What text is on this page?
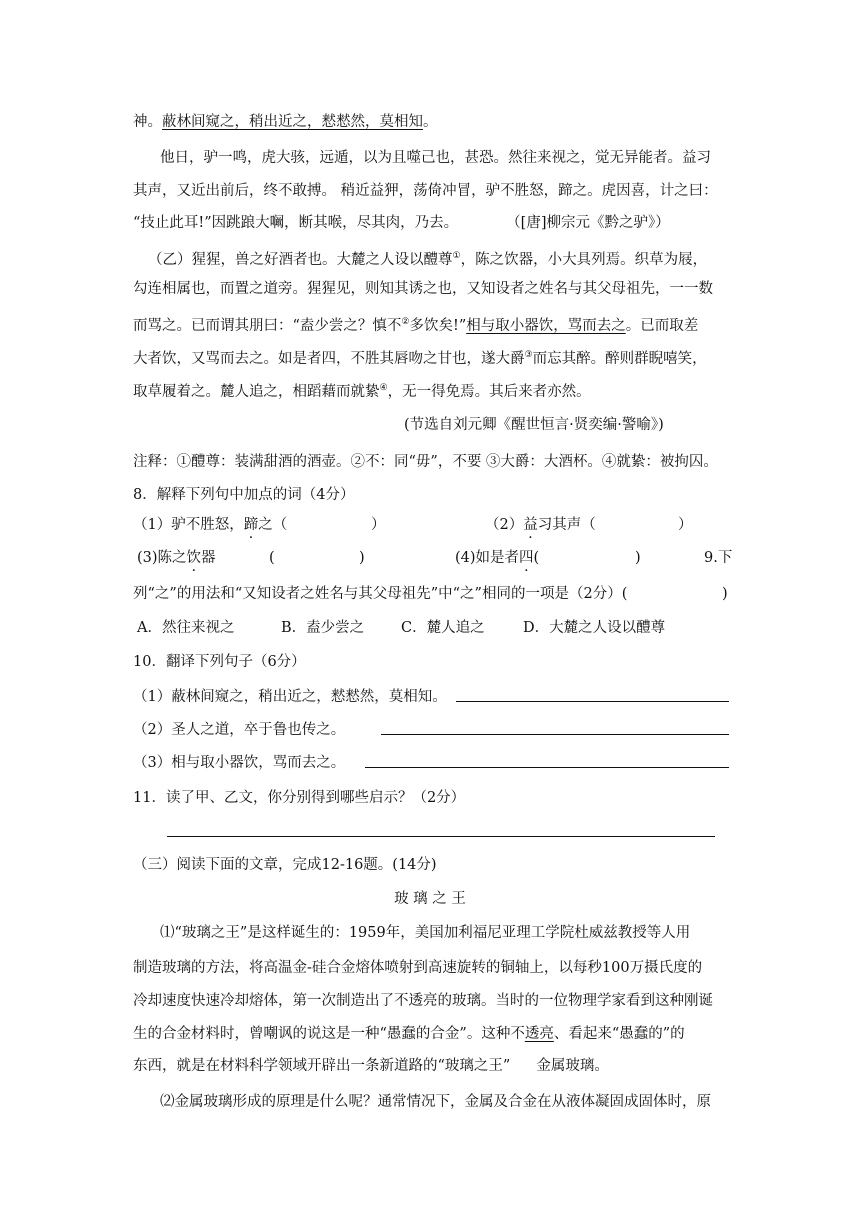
神。蔽林间窥之，稍出近之，慭慭然，莫相知。
他日，驴一鸣，虎大骇，远遁，以为且噬己也，甚恐。然往来视之，觉无异能者。益习
其声，又近出前后，终不敢搏。 稍近益狎，荡倚冲冒，驴不胜怒，蹄之。虎因喜，计之曰：
“技止此耳!”因跳踉大㘎，断其喉，尽其肉，乃去。	（[唐]柳宗元《黔之驴》）
（乙）猩猩，兽之好酒者也。大麓之人设以醴尊①，陈之饮器，小大具列焉。织草为屐，
勾连相属也，而置之道旁。猩猩见，则知其诱之也，又知设者之姓名与其父母祖先，一一数
而骂之。已而谓其朋曰：“盍少尝之？慎不②多饮矣!”相与取小器饮，骂而去之。已而取差
大者饮，又骂而去之。如是者四，不胜其唇吻之甘也，遂大爵③而忘其醉。醉则群睨嘻笑，
取草履着之。麓人追之，相蹈藉而就絷④，无一得免焉。其后来者亦然。
(节选自刘元卿《醒世恒言·贤奕编·警喻》)
注释：①醴尊：装满甜酒的酒壶。②不：同“毋”，不要 ③大爵：大酒杯。④就絷：被拘囚。
8．解释下列句中加点的词（4分）
（1）驴不胜怒，蹄之（	）	（2）益习其声（	）
(3)陈之饮器	(	)	(4)如是者四(	)	9.下
列“之”的用法和“又知设者之姓名与其父母祖先”中“之”相同的一项是（2分）(	)
A．然往来视之	B．盍少尝之	C．麓人追之	D．大麓之人设以醴尊
10．翻译下列句子（6分）
（1）蔽林间窥之，稍出近之，慭慭然，莫相知。
（2）圣人之道，卒于鲁也传之。
（3）相与取小器饮，骂而去之。
11．读了甲、乙文，你分别得到哪些启示？（2分）
（三）阅读下面的文章，完成12-16题。(14分)
玻 璃 之 王
⑴“玻璃之王”是这样诞生的：1959年，美国加利福尼亚理工学院杜威兹教授等人用
制造玻璃的方法，将高温金-硅合金熔体喷射到高速旋转的铜轴上，以每秒100万摄氏度的
冷却速度快速冷却熔体，第一次制造出了不透亮的玻璃。当时的一位物理学家看到这种刚诞
生的合金材料时，曾嘲讽的说这是一种“愚蠢的合金”。这种不透亮、看起来“愚蠢的”的
东西，就是在材料科学领域开辟出一条新道路的“玻璃之王” 金属玻璃。
⑵金属玻璃形成的原理是什么呢？通常情况下，金属及合金在从液体凝固成固体时，原
